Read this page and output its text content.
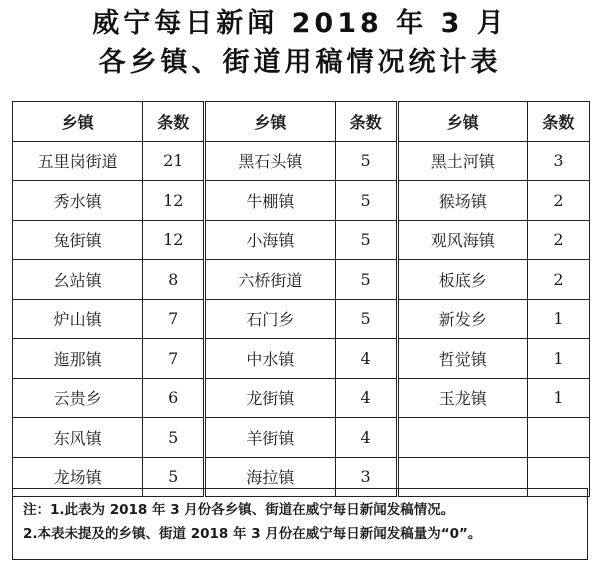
威宁每日新闻 2018 年 3 月
各乡镇、街道用稿情况统计表
乡镇	条数	乡镇	条数	乡镇	条数
五里岗街道	21	黑石头镇	5	黑土河镇	3
秀水镇	12	牛棚镇	5	猴场镇	2
兔街镇	12	小海镇	5	观风海镇	2
幺站镇	8	六桥街道	5	板底乡	2
炉山镇	7	石门乡	5	新发乡	1
迤那镇	7	中水镇	4	哲觉镇	1
云贵乡	6	龙街镇	4	玉龙镇	1
东风镇	5	羊街镇	4		
龙场镇	5	海拉镇	3		
注：1.此表为 2018 年 3 月份各乡镇、街道在威宁每日新闻发稿情况。
2.本表未提及的乡镇、街道 2018 年 3 月份在威宁每日新闻发稿量为“0”。
